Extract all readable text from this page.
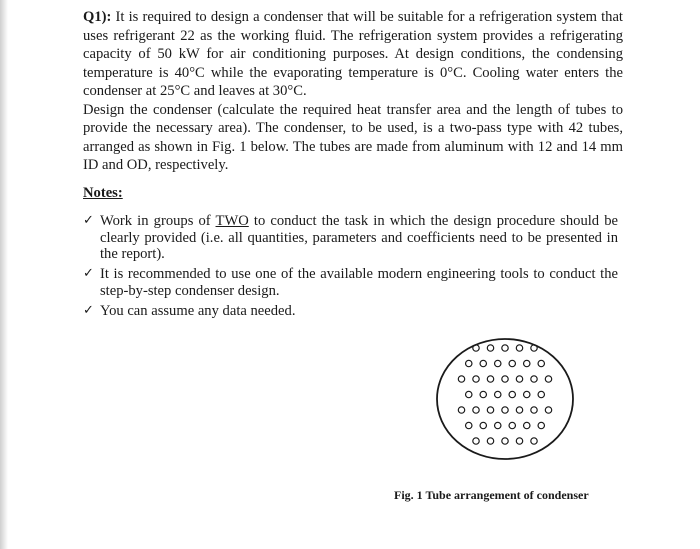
Q1): It is required to design a condenser that will be suitable for a refrigeration system that uses refrigerant 22 as the working fluid. The refrigeration system provides a refrigerating capacity of 50 kW for air conditioning purposes. At design conditions, the condensing temperature is 40°C while the evaporating temperature is 0°C. Cooling water enters the condenser at 25°C and leaves at 30°C.

Design the condenser (calculate the required heat transfer area and the length of tubes to provide the necessary area). The condenser, to be used, is a two-pass type with 42 tubes, arranged as shown in Fig. 1 below. The tubes are made from aluminum with 12 and 14 mm ID and OD, respectively.

Notes:
✓ Work in groups of TWO to conduct the task in which the design procedure should be clearly provided (i.e. all quantities, parameters and coefficients need to be presented in the report).
✓ It is recommended to use one of the available modern engineering tools to conduct the step-by-step condenser design.
✓ You can assume any data needed.
Fig. 1 Tube arrangement of condenser
